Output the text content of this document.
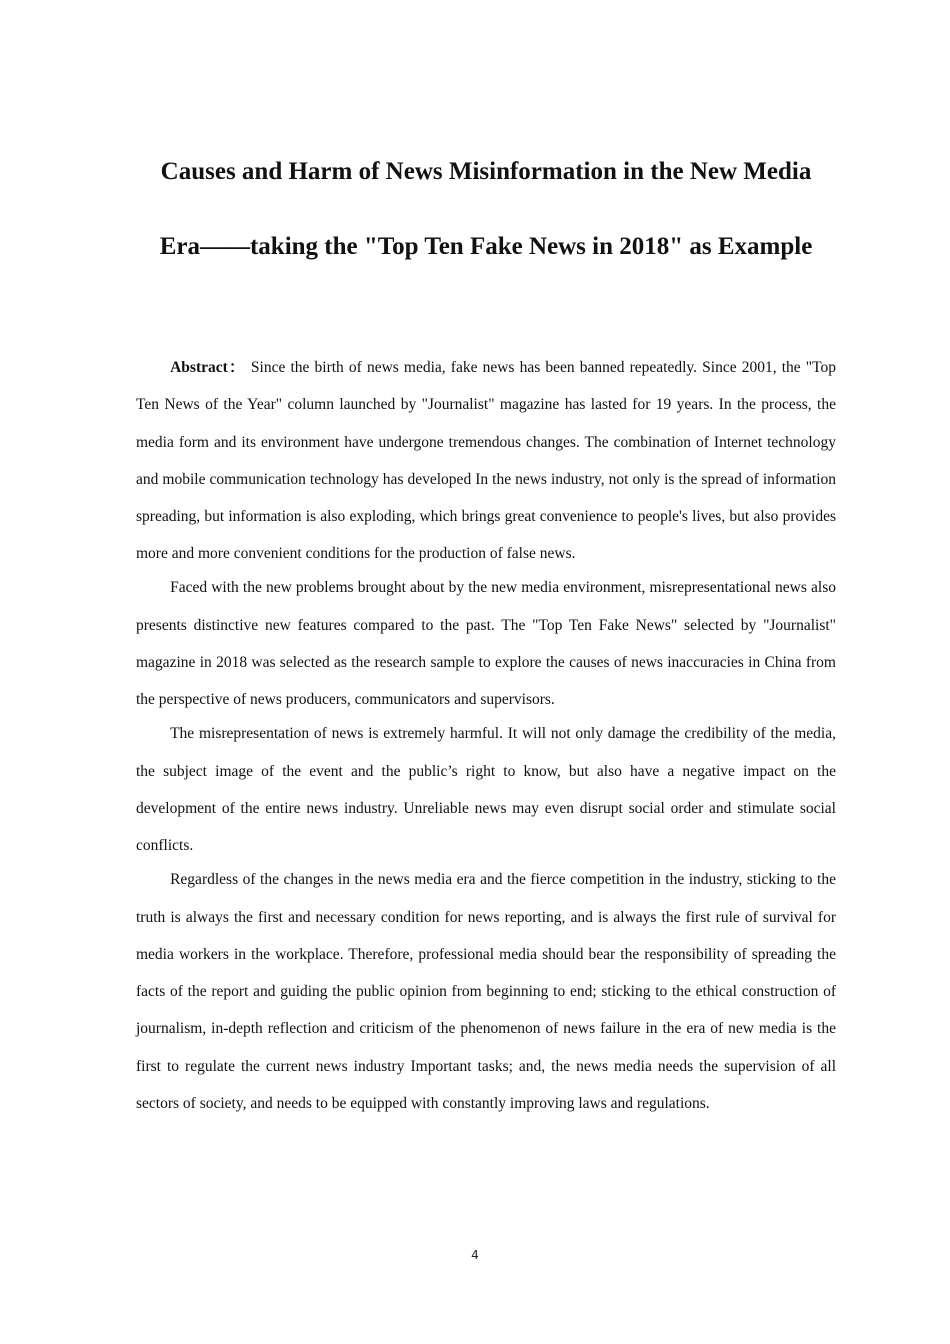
Causes and Harm of News Misinformation in the New Media
Era——taking the "Top Ten Fake News in 2018" as Example

Abstract： Since the birth of news media, fake news has been banned repeatedly. Since 2001, the "Top Ten News of the Year" column launched by "Journalist" magazine has lasted for 19 years. In the process, the media form and its environment have undergone tremendous changes. The combination of Internet technology and mobile communication technology has developed In the news industry, not only is the spread of information spreading, but information is also exploding, which brings great convenience to people's lives, but also provides more and more convenient conditions for the production of false news.

Faced with the new problems brought about by the new media environment, misrepresentational news also presents distinctive new features compared to the past. The "Top Ten Fake News" selected by "Journalist" magazine in 2018 was selected as the research sample to explore the causes of news inaccuracies in China from the perspective of news producers, communicators and supervisors.

The misrepresentation of news is extremely harmful. It will not only damage the credibility of the media, the subject image of the event and the public’s right to know, but also have a negative impact on the development of the entire news industry. Unreliable news may even disrupt social order and stimulate social conflicts.

Regardless of the changes in the news media era and the fierce competition in the industry, sticking to the truth is always the first and necessary condition for news reporting, and is always the first rule of survival for media workers in the workplace. Therefore, professional media should bear the responsibility of spreading the facts of the report and guiding the public opinion from beginning to end; sticking to the ethical construction of journalism, in-depth reflection and criticism of the phenomenon of news failure in the era of new media is the first to regulate the current news industry Important tasks; and, the news media needs the supervision of all sectors of society, and needs to be equipped with constantly improving laws and regulations.

4
